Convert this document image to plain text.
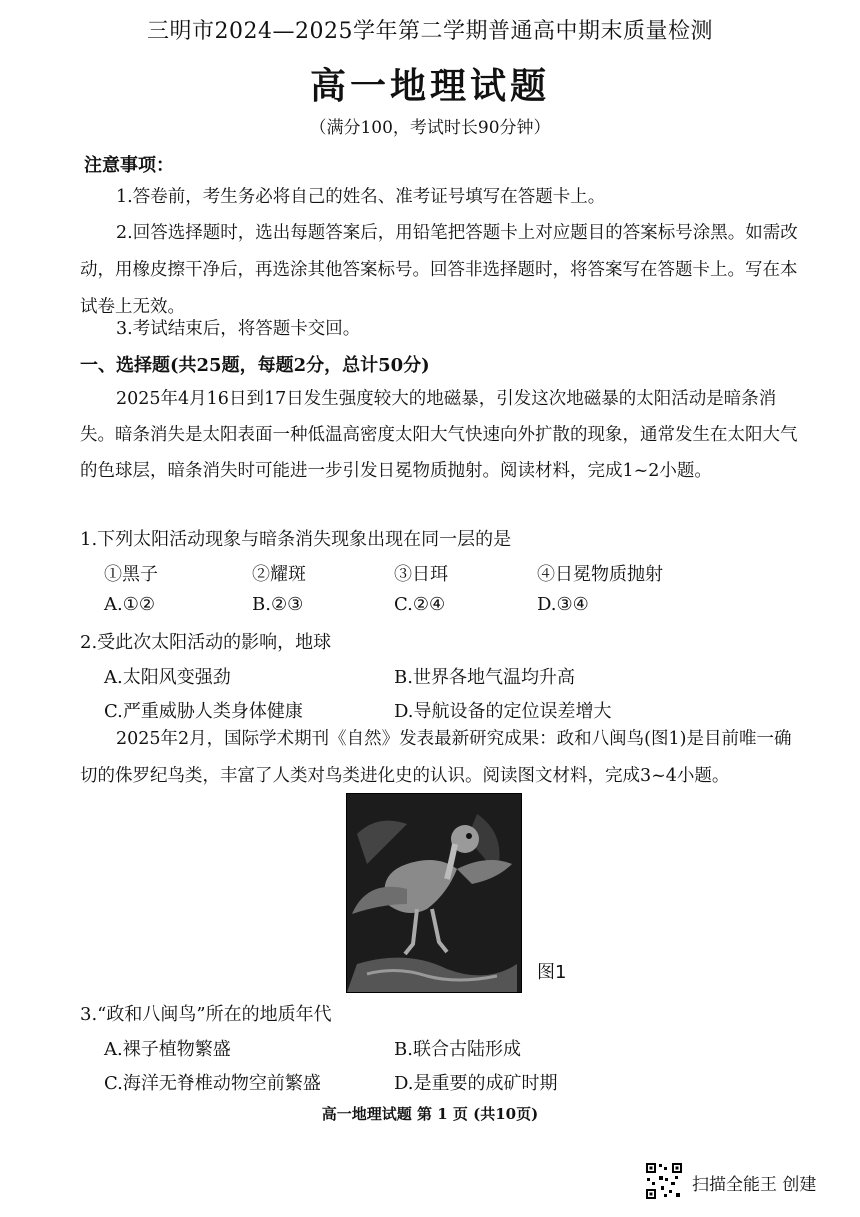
三明市2024—2025学年第二学期普通高中期末质量检测
高一地理试题
（满分100，考试时长90分钟）
注意事项：
1.答卷前，考生务必将自己的姓名、准考证号填写在答题卡上。
2.回答选择题时，选出每题答案后，用铅笔把答题卡上对应题目的答案标号涂黑。如需改动，用橡皮擦干净后，再选涂其他答案标号。回答非选择题时，将答案写在答题卡上。写在本试卷上无效。
3.考试结束后，将答题卡交回。
一、选择题(共25题，每题2分，总计50分)
2025年4月16日到17日发生强度较大的地磁暴，引发这次地磁暴的太阳活动是暗条消失。暗条消失是太阳表面一种低温高密度太阳大气快速向外扩散的现象，通常发生在太阳大气的色球层，暗条消失时可能进一步引发日冕物质抛射。阅读材料，完成1~2小题。
1.下列太阳活动现象与暗条消失现象出现在同一层的是
①黑子	②耀斑	③日珥	④日冕物质抛射
A.①②	B.②③	C.②④	D.③④
2.受此次太阳活动的影响，地球
A.太阳风变强劲	B.世界各地气温均升高
C.严重威胁人类身体健康	D.导航设备的定位误差增大
2025年2月，国际学术期刊《自然》发表最新研究成果：政和八闽鸟(图1)是目前唯一确切的侏罗纪鸟类，丰富了人类对鸟类进化史的认识。阅读图文材料，完成3~4小题。
图1
3.“政和八闽鸟”所在的地质年代
A.裸子植物繁盛	B.联合古陆形成
C.海洋无脊椎动物空前繁盛	D.是重要的成矿时期
高一地理试题 第 1 页 (共10页)
扫描全能王 创建
